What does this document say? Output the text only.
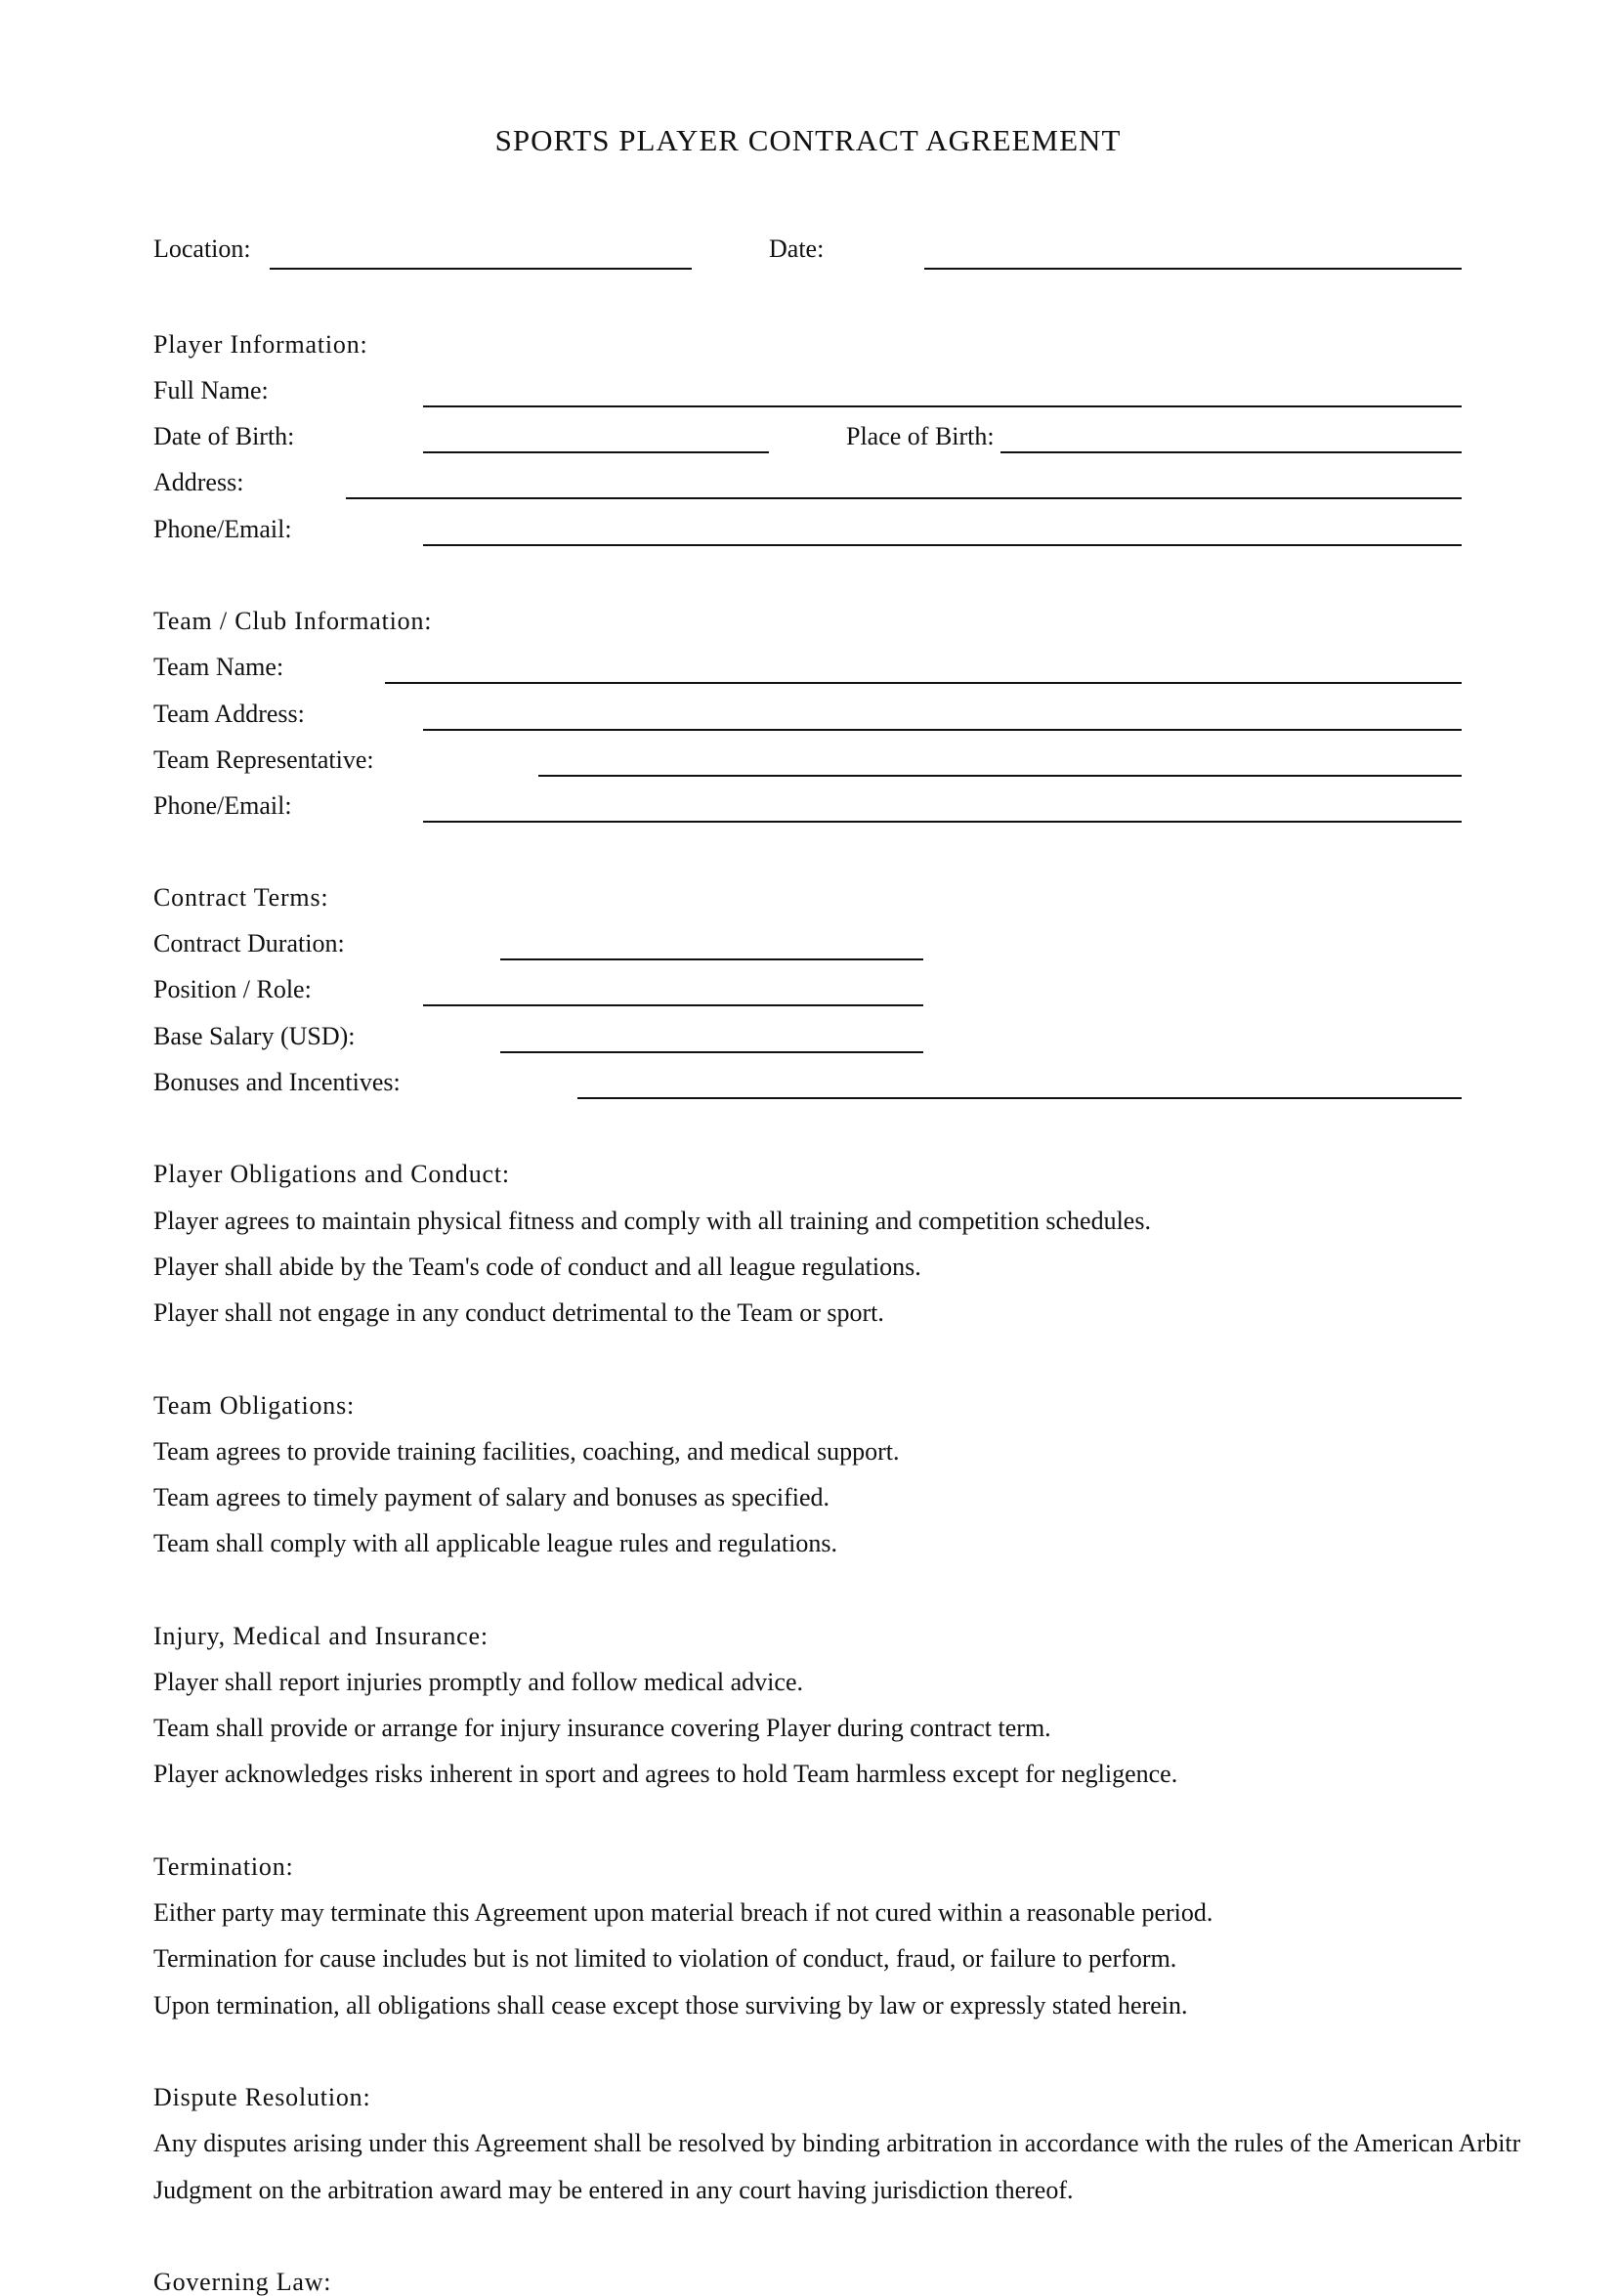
SPORTS PLAYER CONTRACT AGREEMENT
Location:	Date:
Player Information:
Full Name:
Date of Birth:	Place of Birth:
Address:
Phone/Email:
Team / Club Information:
Team Name:
Team Address:
Team Representative:
Phone/Email:
Contract Terms:
Contract Duration:
Position / Role:
Base Salary (USD):
Bonuses and Incentives:
Player Obligations and Conduct:
Player agrees to maintain physical fitness and comply with all training and competition schedules.
Player shall abide by the Team's code of conduct and all league regulations.
Player shall not engage in any conduct detrimental to the Team or sport.
Team Obligations:
Team agrees to provide training facilities, coaching, and medical support.
Team agrees to timely payment of salary and bonuses as specified.
Team shall comply with all applicable league rules and regulations.
Injury, Medical and Insurance:
Player shall report injuries promptly and follow medical advice.
Team shall provide or arrange for injury insurance covering Player during contract term.
Player acknowledges risks inherent in sport and agrees to hold Team harmless except for negligence.
Termination:
Either party may terminate this Agreement upon material breach if not cured within a reasonable period.
Termination for cause includes but is not limited to violation of conduct, fraud, or failure to perform.
Upon termination, all obligations shall cease except those surviving by law or expressly stated herein.
Dispute Resolution:
Any disputes arising under this Agreement shall be resolved by binding arbitration in accordance with the rules of the American Arbitr
Judgment on the arbitration award may be entered in any court having jurisdiction thereof.
Governing Law:
